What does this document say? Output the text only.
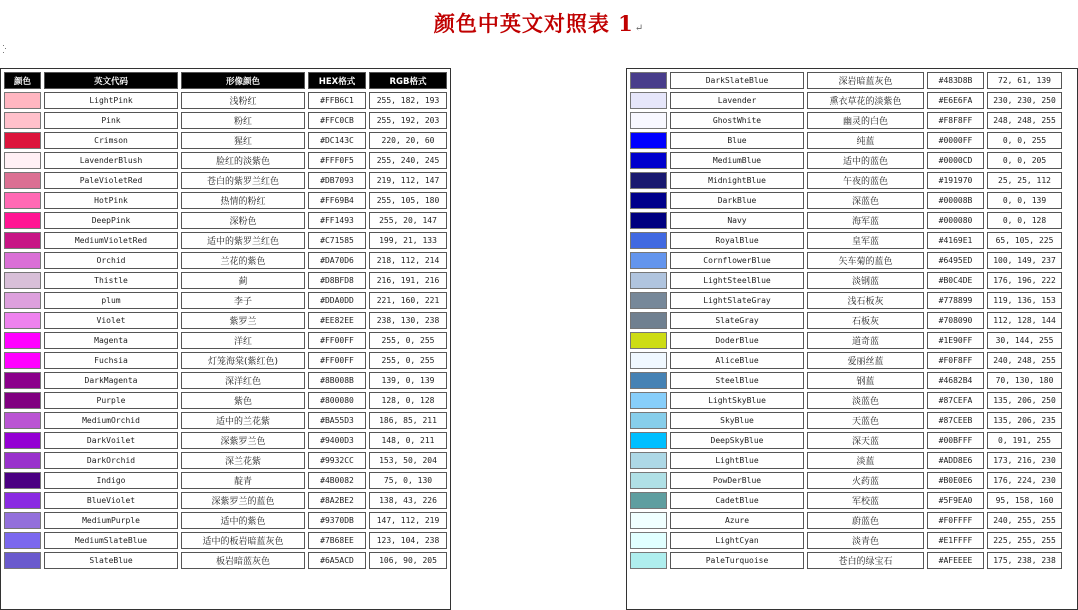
颜色中英文对照表 1↵
颜色	英文代码	形像颜色	HEX格式	RGB格式
	LightPink	浅粉红	#FFB6C1	255, 182, 193
	Pink	粉红	#FFC0CB	255, 192, 203
	Crimson	猩红	#DC143C	220, 20, 60
	LavenderBlush	脸红的淡紫色	#FFF0F5	255, 240, 245
	PaleVioletRed	苍白的紫罗兰红色	#DB7093	219, 112, 147
	HotPink	热情的粉红	#FF69B4	255, 105, 180
	DeepPink	深粉色	#FF1493	255, 20, 147
	MediumVioletRed	适中的紫罗兰红色	#C71585	199, 21, 133
	Orchid	兰花的紫色	#DA70D6	218, 112, 214
	Thistle	蓟	#D8BFD8	216, 191, 216
	plum	李子	#DDA0DD	221, 160, 221
	Violet	紫罗兰	#EE82EE	238, 130, 238
	Magenta	洋红	#FF00FF	255, 0, 255
	Fuchsia	灯笼海棠(紫红色)	#FF00FF	255, 0, 255
	DarkMagenta	深洋红色	#8B008B	139, 0, 139
	Purple	紫色	#800080	128, 0, 128
	MediumOrchid	适中的兰花紫	#BA55D3	186, 85, 211
	DarkVoilet	深紫罗兰色	#9400D3	148, 0, 211
	DarkOrchid	深兰花紫	#9932CC	153, 50, 204
	Indigo	靛青	#4B0082	75, 0, 130
	BlueViolet	深紫罗兰的蓝色	#8A2BE2	138, 43, 226
	MediumPurple	适中的紫色	#9370DB	147, 112, 219
	MediumSlateBlue	适中的板岩暗蓝灰色	#7B68EE	123, 104, 238
	SlateBlue	板岩暗蓝灰色	#6A5ACD	106, 90, 205
	DarkSlateBlue	深岩暗蓝灰色	#483D8B	72, 61, 139
	Lavender	熏衣草花的淡紫色	#E6E6FA	230, 230, 250
	GhostWhite	幽灵的白色	#F8F8FF	248, 248, 255
	Blue	纯蓝	#0000FF	0, 0, 255
	MediumBlue	适中的蓝色	#0000CD	0, 0, 205
	MidnightBlue	午夜的蓝色	#191970	25, 25, 112
	DarkBlue	深蓝色	#00008B	0, 0, 139
	Navy	海军蓝	#000080	0, 0, 128
	RoyalBlue	皇军蓝	#4169E1	65, 105, 225
	CornflowerBlue	矢车菊的蓝色	#6495ED	100, 149, 237
	LightSteelBlue	淡钢蓝	#B0C4DE	176, 196, 222
	LightSlateGray	浅石板灰	#778899	119, 136, 153
	SlateGray	石板灰	#708090	112, 128, 144
	DoderBlue	道奇蓝	#1E90FF	30, 144, 255
	AliceBlue	爱丽丝蓝	#F0F8FF	240, 248, 255
	SteelBlue	钢蓝	#4682B4	70, 130, 180
	LightSkyBlue	淡蓝色	#87CEFA	135, 206, 250
	SkyBlue	天蓝色	#87CEEB	135, 206, 235
	DeepSkyBlue	深天蓝	#00BFFF	0, 191, 255
	LightBlue	淡蓝	#ADD8E6	173, 216, 230
	PowDerBlue	火药蓝	#B0E0E6	176, 224, 230
	CadetBlue	军校蓝	#5F9EA0	95, 158, 160
	Azure	蔚蓝色	#F0FFFF	240, 255, 255
	LightCyan	淡青色	#E1FFFF	225, 255, 255
	PaleTurquoise	苍白的绿宝石	#AFEEEE	175, 238, 238
